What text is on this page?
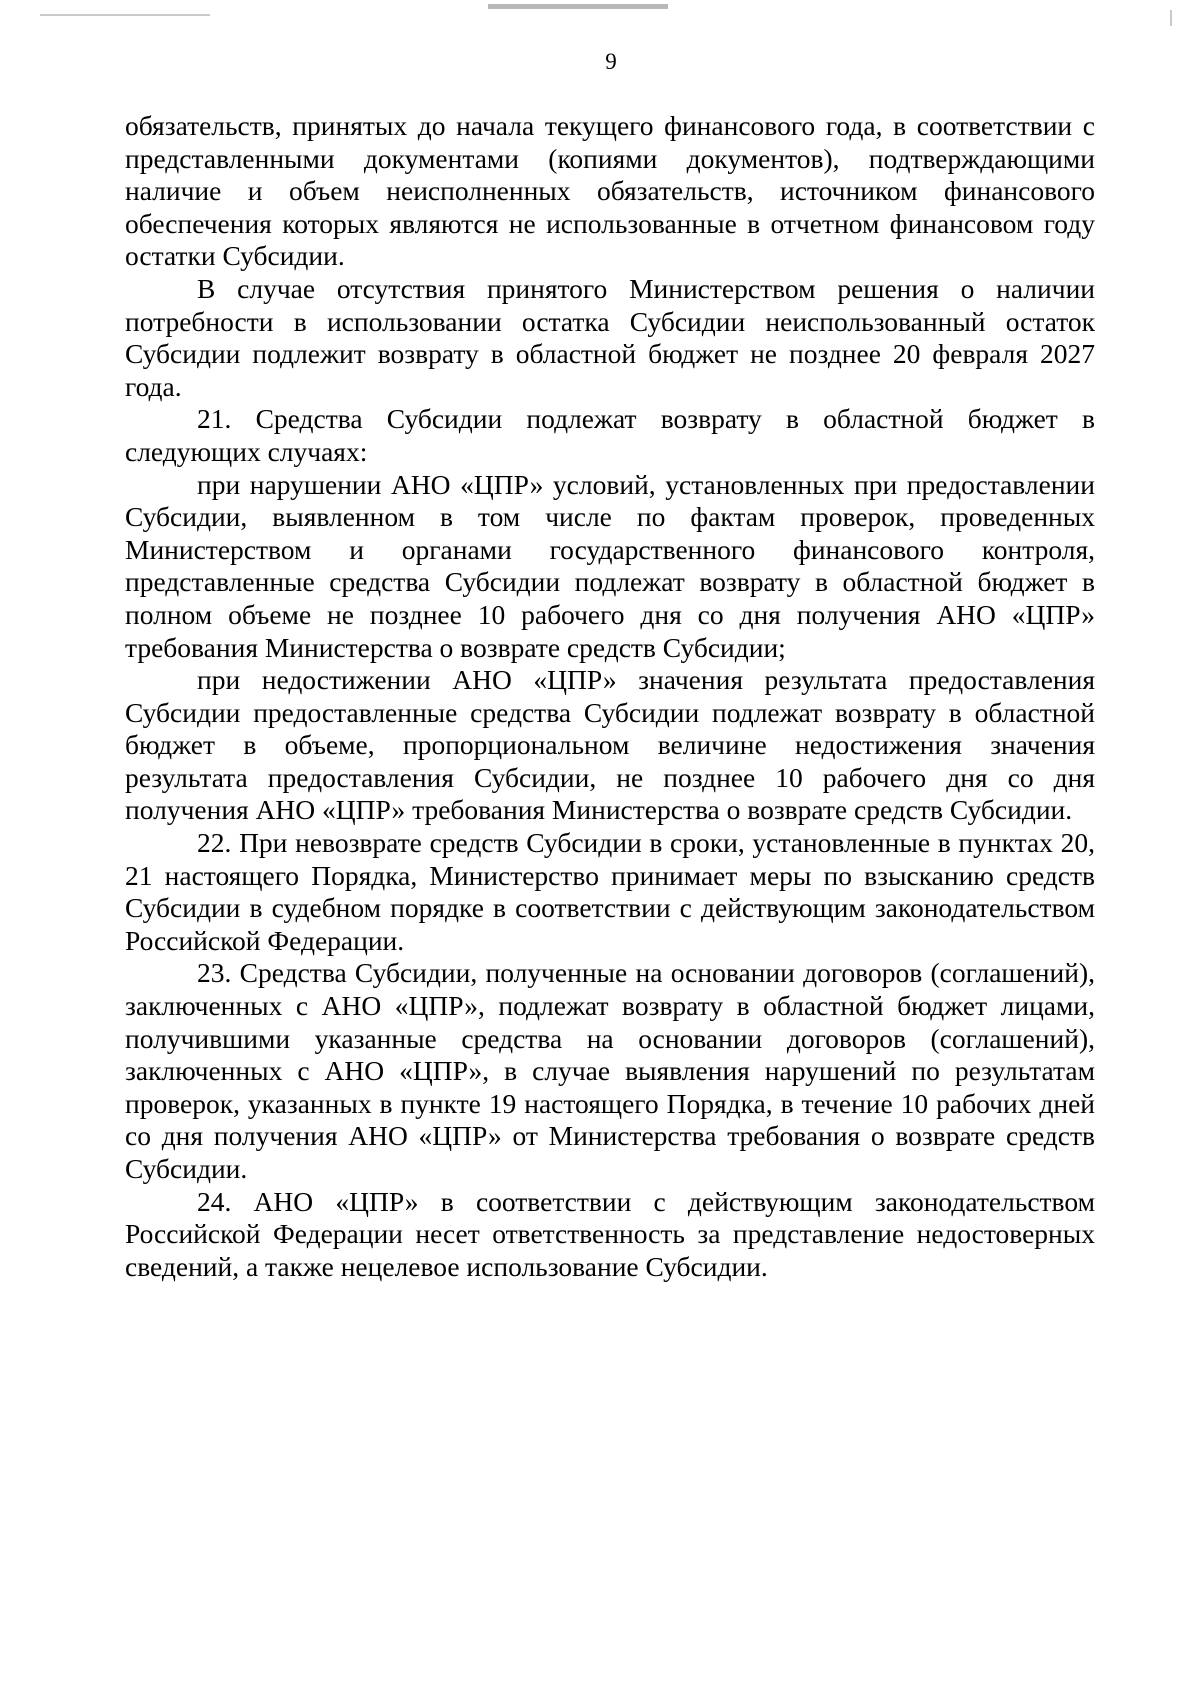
9

обязательств, принятых до начала текущего финансового года, в соответствии с представленными документами (копиями документов), подтверждающими наличие и объем неисполненных обязательств, источником финансового обеспечения которых являются не использованные в отчетном финансовом году остатки Субсидии.

В случае отсутствия принятого Министерством решения о наличии потребности в использовании остатка Субсидии неиспользованный остаток Субсидии подлежит возврату в областной бюджет не позднее 20 февраля 2027 года.

21. Средства Субсидии подлежат возврату в областной бюджет в следующих случаях:

при нарушении АНО «ЦПР» условий, установленных при предоставлении Субсидии, выявленном в том числе по фактам проверок, проведенных Министерством и органами государственного финансового контроля, представленные средства Субсидии подлежат возврату в областной бюджет в полном объеме не позднее 10 рабочего дня со дня получения АНО «ЦПР» требования Министерства о возврате средств Субсидии;

при недостижении АНО «ЦПР» значения результата предоставления Субсидии предоставленные средства Субсидии подлежат возврату в областной бюджет в объеме, пропорциональном величине недостижения значения результата предоставления Субсидии, не позднее 10 рабочего дня со дня получения АНО «ЦПР» требования Министерства о возврате средств Субсидии.

22. При невозврате средств Субсидии в сроки, установленные в пунктах 20, 21 настоящего Порядка, Министерство принимает меры по взысканию средств Субсидии в судебном порядке в соответствии с действующим законодательством Российской Федерации.

23. Средства Субсидии, полученные на основании договоров (соглашений), заключенных с АНО «ЦПР», подлежат возврату в областной бюджет лицами, получившими указанные средства на основании договоров (соглашений), заключенных с АНО «ЦПР», в случае выявления нарушений по результатам проверок, указанных в пункте 19 настоящего Порядка, в течение 10 рабочих дней со дня получения АНО «ЦПР» от Министерства требования о возврате средств Субсидии.

24. АНО «ЦПР» в соответствии с действующим законодательством Российской Федерации несет ответственность за представление недостоверных сведений, а также нецелевое использование Субсидии.
